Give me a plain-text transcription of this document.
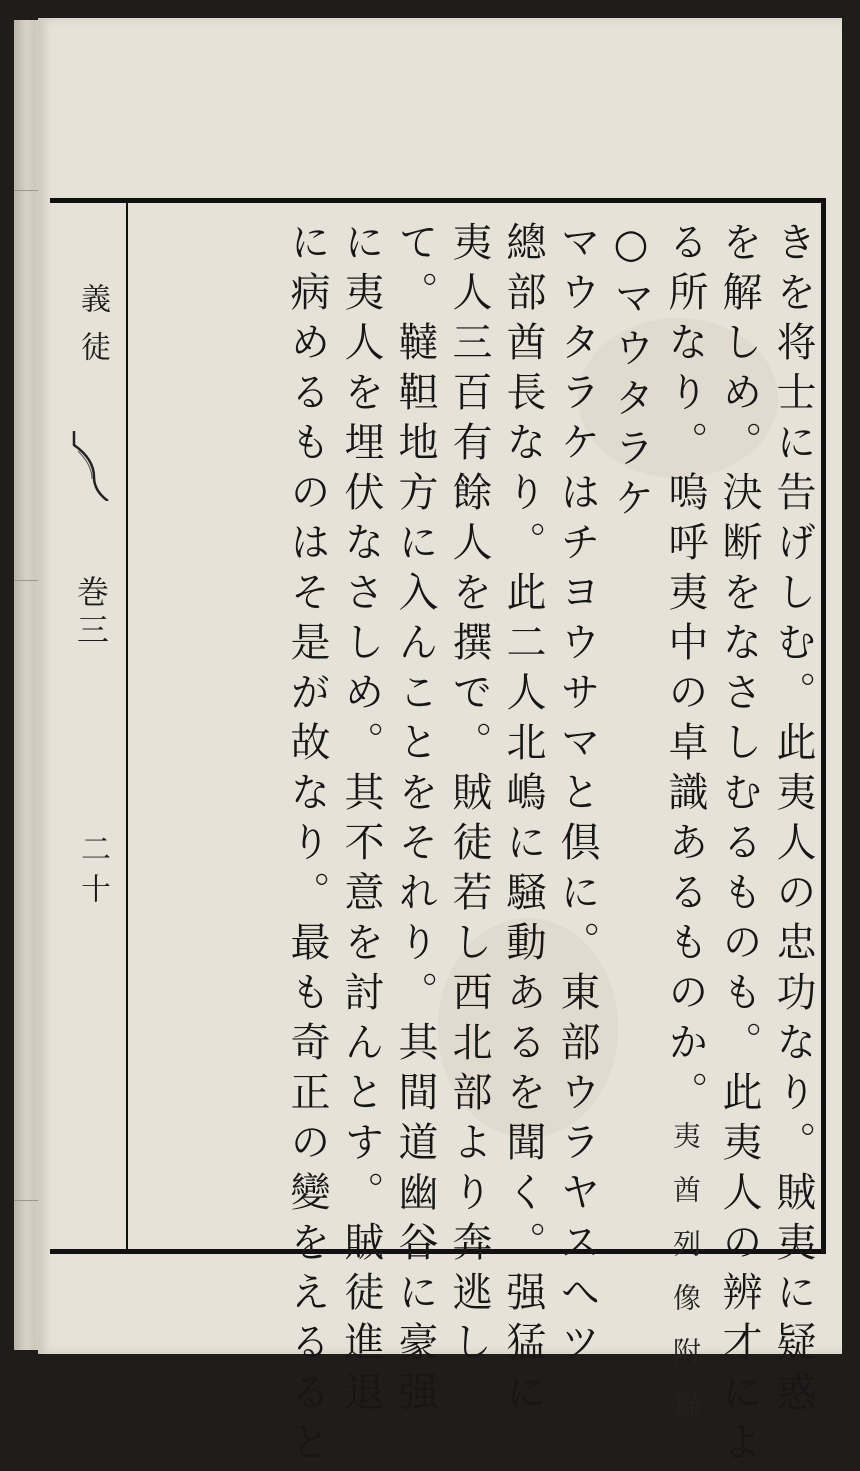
義徒
巻三
二十	きを将士に告げしむ。此夷人の忠功なり。賊夷に疑惑

を解しめ。決断をなさしむるものも。此夷人の辨才によ

る所なり。嗚呼夷中の卓識あるものか。夷酋列像附録

○マウタラケ

マウタラケはチヨウサマと倶に。東部ウラヤスへツ

總部酋長なり。此二人北嶋に騒動あるを聞く。强猛に

夷人三百有餘人を撰で。賊徒若し西北部より奔逃し

て。韃靼地方に入んことをそれり。其間道幽谷に豪强

に夷人を埋伏なさしめ。其不意を討んとす。賊徒進退

に病めるものはそ是が故なり。最も奇正の變をえるると
